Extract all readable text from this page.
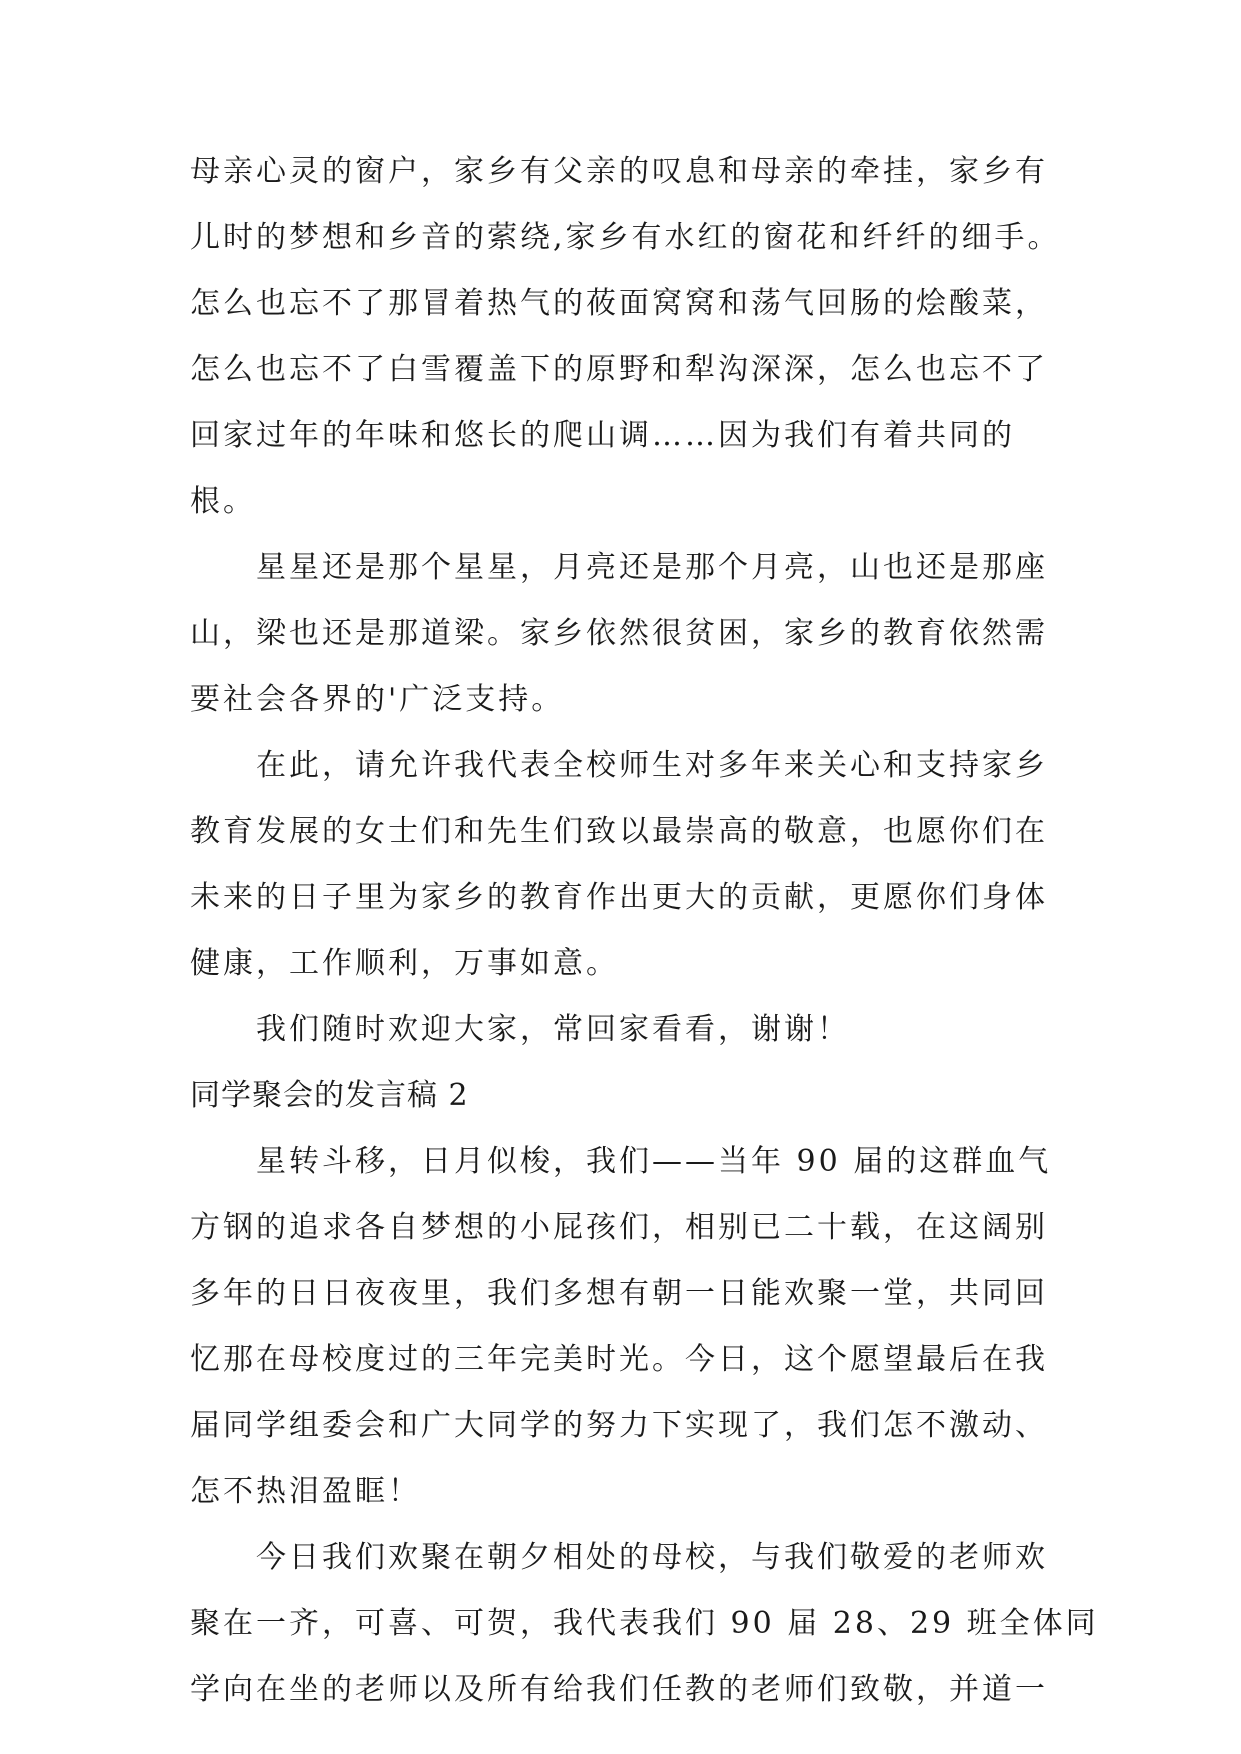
母亲心灵的窗户，家乡有父亲的叹息和母亲的牵挂，家乡有

儿时的梦想和乡音的萦绕,家乡有水红的窗花和纤纤的细手。

怎么也忘不了那冒着热气的莜面窝窝和荡气回肠的烩酸菜，

怎么也忘不了白雪覆盖下的原野和犁沟深深，怎么也忘不了

回家过年的年味和悠长的爬山调……因为我们有着共同的

根。

星星还是那个星星，月亮还是那个月亮，山也还是那座

山，梁也还是那道梁。家乡依然很贫困，家乡的教育依然需

要社会各界的'广泛支持。

在此，请允许我代表全校师生对多年来关心和支持家乡

教育发展的女士们和先生们致以最崇高的敬意，也愿你们在

未来的日子里为家乡的教育作出更大的贡献，更愿你们身体

健康，工作顺利，万事如意。

我们随时欢迎大家，常回家看看，谢谢！

同学聚会的发言稿 2

星转斗移，日月似梭，我们——当年 90 届的这群血气

方钢的追求各自梦想的小屁孩们，相别已二十载，在这阔别

多年的日日夜夜里，我们多想有朝一日能欢聚一堂，共同回

忆那在母校度过的三年完美时光。今日，这个愿望最后在我

届同学组委会和广大同学的努力下实现了，我们怎不激动、

怎不热泪盈眶！

今日我们欢聚在朝夕相处的母校，与我们敬爱的老师欢

聚在一齐，可喜、可贺，我代表我们 90 届 28、29 班全体同

学向在坐的老师以及所有给我们任教的老师们致敬，并道一
